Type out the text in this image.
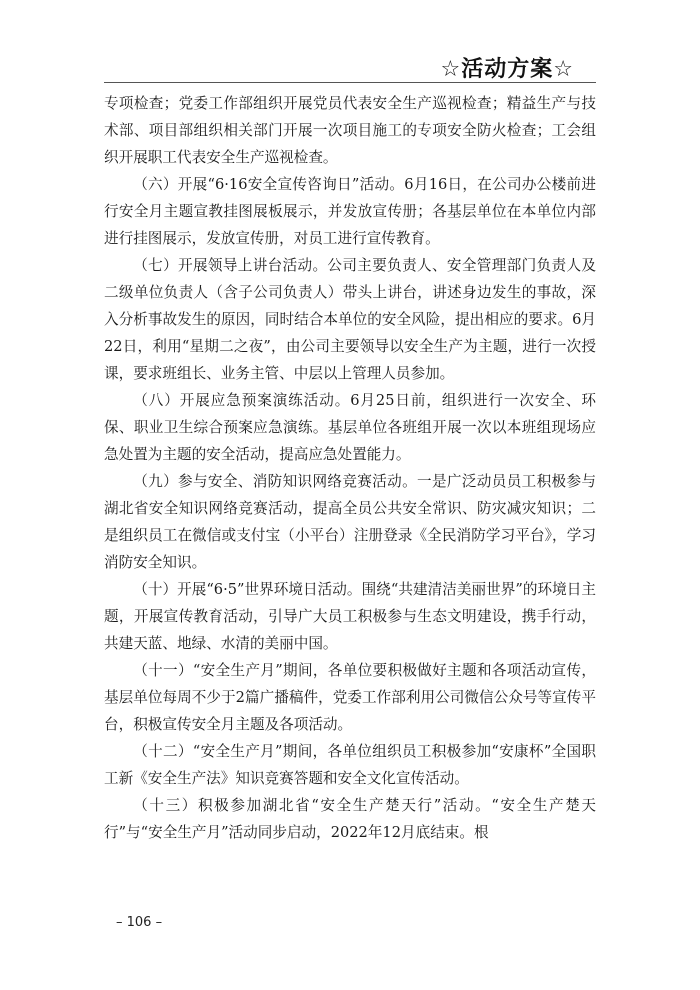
☆活动方案☆

专项检查；党委工作部组织开展党员代表安全生产巡视检查；精益生产与技术部、项目部组织相关部门开展一次项目施工的专项安全防火检查；工会组织开展职工代表安全生产巡视检查。

（六）开展“6·16安全宣传咨询日”活动。6月16日，在公司办公楼前进行安全月主题宣教挂图展板展示，并发放宣传册；各基层单位在本单位内部进行挂图展示，发放宣传册，对员工进行宣传教育。

（七）开展领导上讲台活动。公司主要负责人、安全管理部门负责人及二级单位负责人（含子公司负责人）带头上讲台，讲述身边发生的事故，深入分析事故发生的原因，同时结合本单位的安全风险，提出相应的要求。6月22日，利用“星期二之夜”，由公司主要领导以安全生产为主题，进行一次授课，要求班组长、业务主管、中层以上管理人员参加。

（八）开展应急预案演练活动。6月25日前，组织进行一次安全、环保、职业卫生综合预案应急演练。基层单位各班组开展一次以本班组现场应急处置为主题的安全活动，提高应急处置能力。

（九）参与安全、消防知识网络竞赛活动。一是广泛动员员工积极参与湖北省安全知识网络竞赛活动，提高全员公共安全常识、防灾减灾知识；二是组织员工在微信或支付宝（小平台）注册登录《全民消防学习平台》，学习消防安全知识。

（十）开展“6·5”世界环境日活动。围绕“共建清洁美丽世界”的环境日主题，开展宣传教育活动，引导广大员工积极参与生态文明建设，携手行动，共建天蓝、地绿、水清的美丽中国。

（十一）“安全生产月”期间，各单位要积极做好主题和各项活动宣传，基层单位每周不少于2篇广播稿件，党委工作部利用公司微信公众号等宣传平台，积极宣传安全月主题及各项活动。

（十二）“安全生产月”期间，各单位组织员工积极参加“安康杯”全国职工新《安全生产法》知识竞赛答题和安全文化宣传活动。

（十三）积极参加湖北省“安全生产楚天行”活动。“安全生产楚天行”与“安全生产月”活动同步启动，2022年12月底结束。根

– 106 –
